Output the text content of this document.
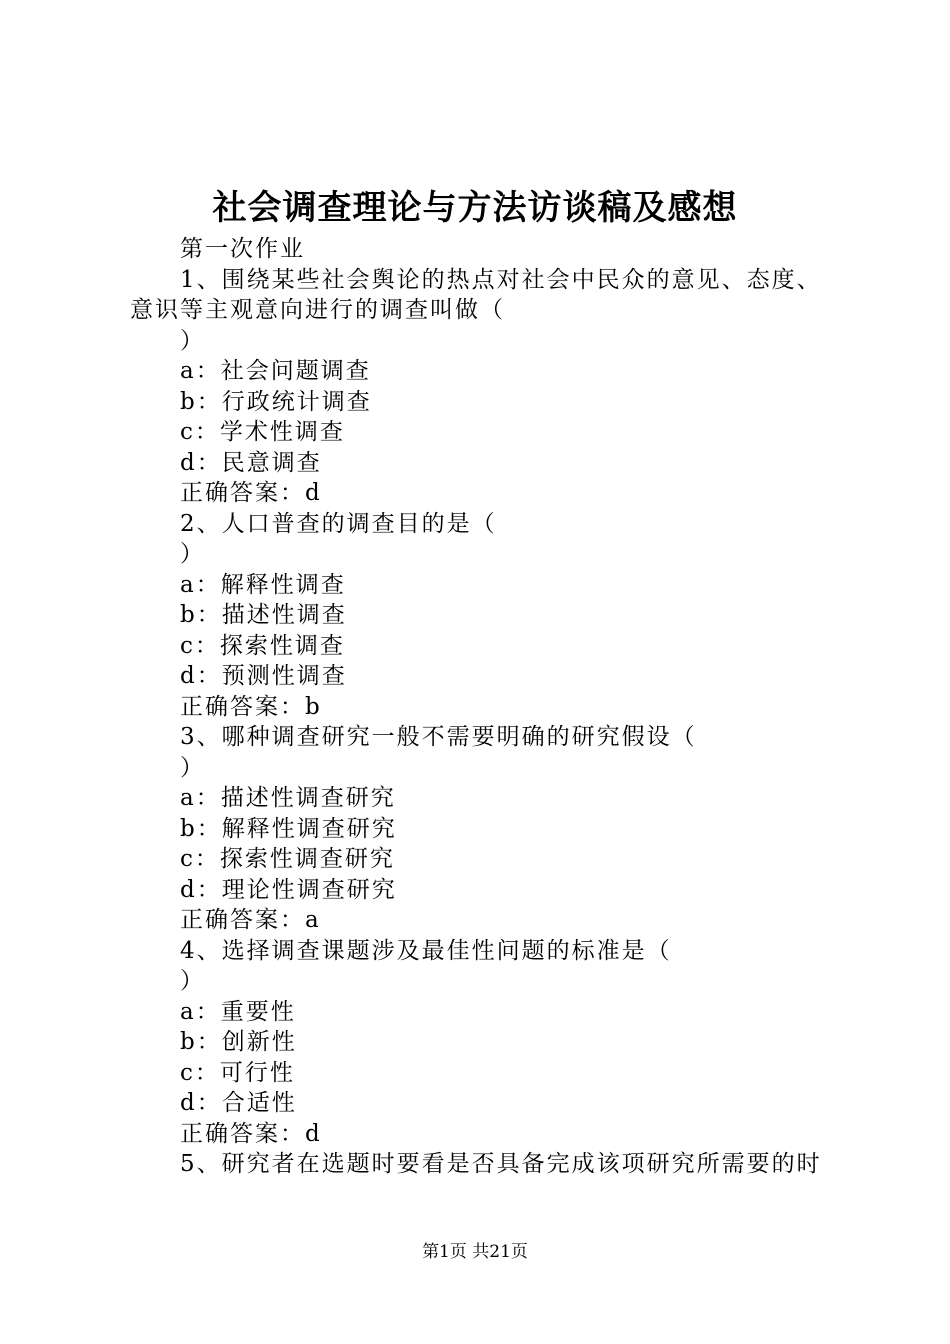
社会调查理论与方法访谈稿及感想
第一次作业
1、围绕某些社会舆论的热点对社会中民众的意见、态度、
意识等主观意向进行的调查叫做（
）
a：社会问题调查
b：行政统计调查
c：学术性调查
d：民意调查
正确答案：d
2、人口普查的调查目的是（
）
a：解释性调查
b：描述性调查
c：探索性调查
d：预测性调查
正确答案：b
3、哪种调查研究一般不需要明确的研究假设（
）
a：描述性调查研究
b：解释性调查研究
c：探索性调查研究
d：理论性调查研究
正确答案：a
4、选择调查课题涉及最佳性问题的标准是（
）
a：重要性
b：创新性
c：可行性
d：合适性
正确答案：d
5、研究者在选题时要看是否具备完成该项研究所需要的时
第1页 共21页
